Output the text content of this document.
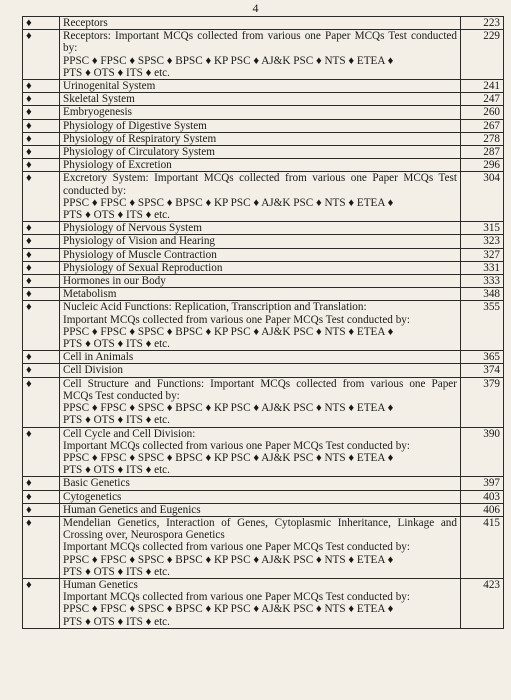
4
♦	Receptors	223
♦	Receptors: Important MCQs collected from various one Paper MCQs Test conducted by:
PPSC ♦ FPSC ♦ SPSC ♦ BPSC ♦ KP PSC ♦ AJ&K PSC ♦ NTS ♦ ETEA ♦
PTS ♦ OTS ♦ ITS ♦ etc.	229
♦	Urinogenital System	241
♦	Skeletal System	247
♦	Embryogenesis	260
♦	Physiology of Digestive System	267
♦	Physiology of Respiratory System	278
♦	Physiology of Circulatory System	287
♦	Physiology of Excretion	296
♦	Excretory System: Important MCQs collected from various one Paper MCQs Test conducted by:
PPSC ♦ FPSC ♦ SPSC ♦ BPSC ♦ KP PSC ♦ AJ&K PSC ♦ NTS ♦ ETEA ♦
PTS ♦ OTS ♦ ITS ♦ etc.	304
♦	Physiology of Nervous System	315
♦	Physiology of Vision and Hearing	323
♦	Physiology of Muscle Contraction	327
♦	Physiology of Sexual Reproduction	331
♦	Hormones in our Body	333
♦	Metabolism	348
♦	Nucleic Acid Functions: Replication, Transcription and Translation:
Important MCQs collected from various one Paper MCQs Test conducted by:
PPSC ♦ FPSC ♦ SPSC ♦ BPSC ♦ KP PSC ♦ AJ&K PSC ♦ NTS ♦ ETEA ♦
PTS ♦ OTS ♦ ITS ♦ etc.	355
♦	Cell in Animals	365
♦	Cell Division	374
♦	Cell Structure and Functions: Important MCQs collected from various one Paper MCQs Test conducted by:
PPSC ♦ FPSC ♦ SPSC ♦ BPSC ♦ KP PSC ♦ AJ&K PSC ♦ NTS ♦ ETEA ♦
PTS ♦ OTS ♦ ITS ♦ etc.	379
♦	Cell Cycle and Cell Division:
Important MCQs collected from various one Paper MCQs Test conducted by:
PPSC ♦ FPSC ♦ SPSC ♦ BPSC ♦ KP PSC ♦ AJ&K PSC ♦ NTS ♦ ETEA ♦
PTS ♦ OTS ♦ ITS ♦ etc.	390
♦	Basic Genetics	397
♦	Cytogenetics	403
♦	Human Genetics and Eugenics	406
♦	Mendelian Genetics, Interaction of Genes, Cytoplasmic Inheritance, Linkage and Crossing over, Neurospora Genetics
Important MCQs collected from various one Paper MCQs Test conducted by:
PPSC ♦ FPSC ♦ SPSC ♦ BPSC ♦ KP PSC ♦ AJ&K PSC ♦ NTS ♦ ETEA ♦
PTS ♦ OTS ♦ ITS ♦ etc.	415
♦	Human Genetics
Important MCQs collected from various one Paper MCQs Test conducted by:
PPSC ♦ FPSC ♦ SPSC ♦ BPSC ♦ KP PSC ♦ AJ&K PSC ♦ NTS ♦ ETEA ♦
PTS ♦ OTS ♦ ITS ♦ etc.	423
